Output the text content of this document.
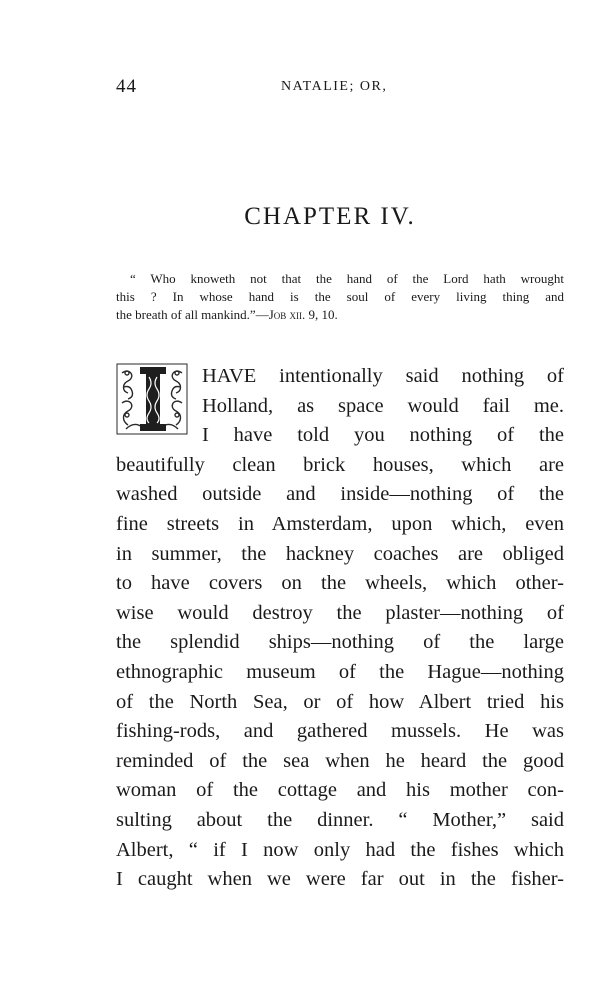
44	NATALIE; OR,
CHAPTER IV.
“ Who knoweth not that the hand of the Lord hath wrought
this ? In whose hand is the soul of every living thing and
the breath of all mankind.”—Job xii. 9, 10.
HAVE intentionally said nothing of
Holland, as space would fail me.
I have told you nothing of the
beautifully clean brick houses, which are
washed outside and inside—nothing of the
fine streets in Amsterdam, upon which, even
in summer, the hackney coaches are obliged
to have covers on the wheels, which other-
wise would destroy the plaster—nothing of
the splendid ships—nothing of the large
ethnographic museum of the Hague—nothing
of the North Sea, or of how Albert tried his
fishing-rods, and gathered mussels. He was
reminded of the sea when he heard the good
woman of the cottage and his mother con-
sulting about the dinner. “ Mother,” said
Albert, “ if I now only had the fishes which
I caught when we were far out in the fisher-
